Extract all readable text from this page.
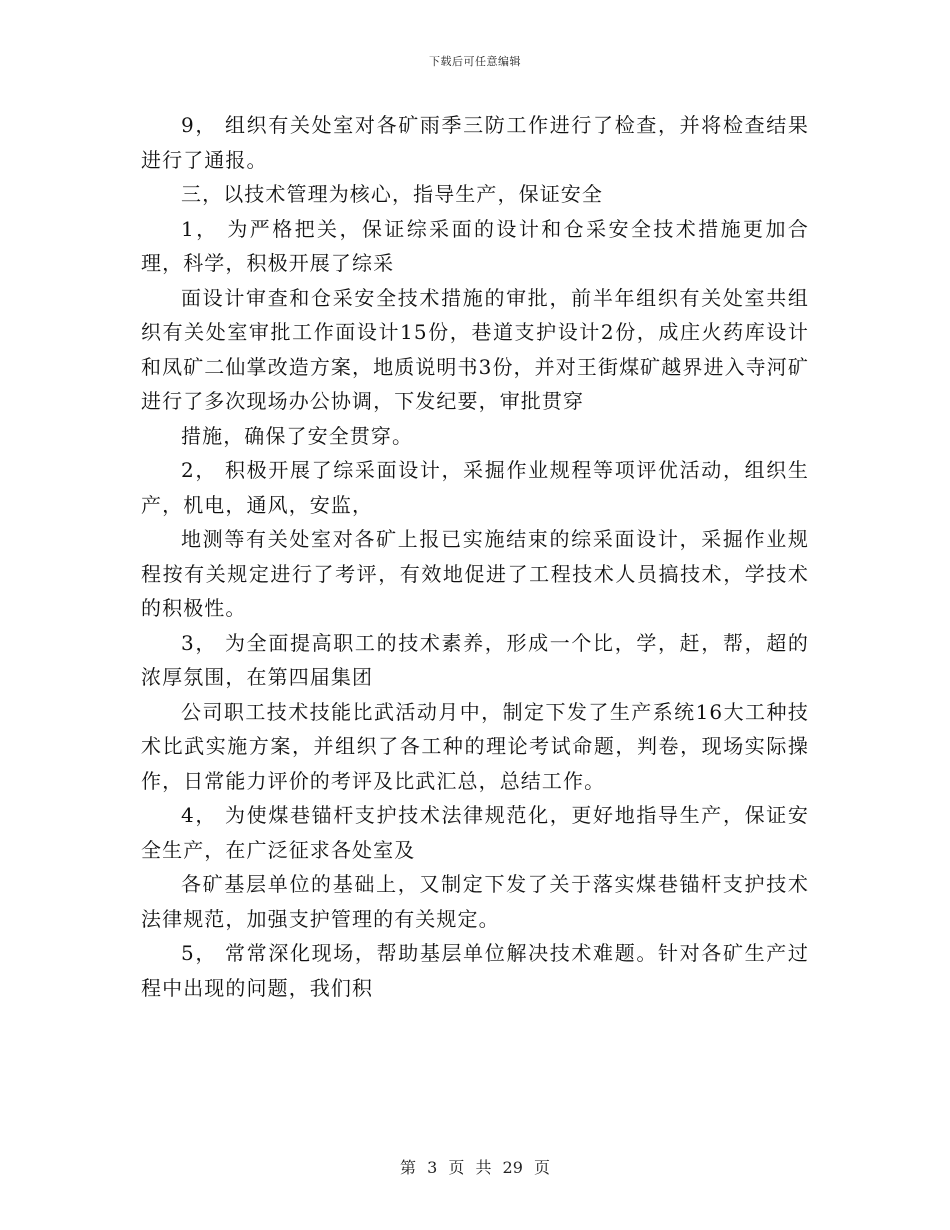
下载后可任意编辑

9， 组织有关处室对各矿雨季三防工作进行了检查，并将检查结果进行了通报。

三，以技术管理为核心，指导生产，保证安全

1， 为严格把关，保证综采面的设计和仓采安全技术措施更加合理，科学，积极开展了综采

面设计审查和仓采安全技术措施的审批，前半年组织有关处室共组织有关处室审批工作面设计15份，巷道支护设计2份，成庄火药库设计和凤矿二仙掌改造方案，地质说明书3份，并对王街煤矿越界进入寺河矿进行了多次现场办公协调，下发纪要，审批贯穿

措施，确保了安全贯穿。

2， 积极开展了综采面设计，采掘作业规程等项评优活动，组织生产，机电，通风，安监，

地测等有关处室对各矿上报已实施结束的综采面设计，采掘作业规程按有关规定进行了考评，有效地促进了工程技术人员搞技术，学技术的积极性。

3， 为全面提高职工的技术素养，形成一个比，学，赶，帮，超的浓厚氛围，在第四届集团

公司职工技术技能比武活动月中，制定下发了生产系统16大工种技术比武实施方案，并组织了各工种的理论考试命题，判卷，现场实际操作，日常能力评价的考评及比武汇总，总结工作。

4， 为使煤巷锚杆支护技术法律规范化，更好地指导生产，保证安全生产，在广泛征求各处室及

各矿基层单位的基础上，又制定下发了关于落实煤巷锚杆支护技术法律规范，加强支护管理的有关规定。

5， 常常深化现场，帮助基层单位解决技术难题。针对各矿生产过程中出现的问题，我们积

第 3 页 共 29 页
